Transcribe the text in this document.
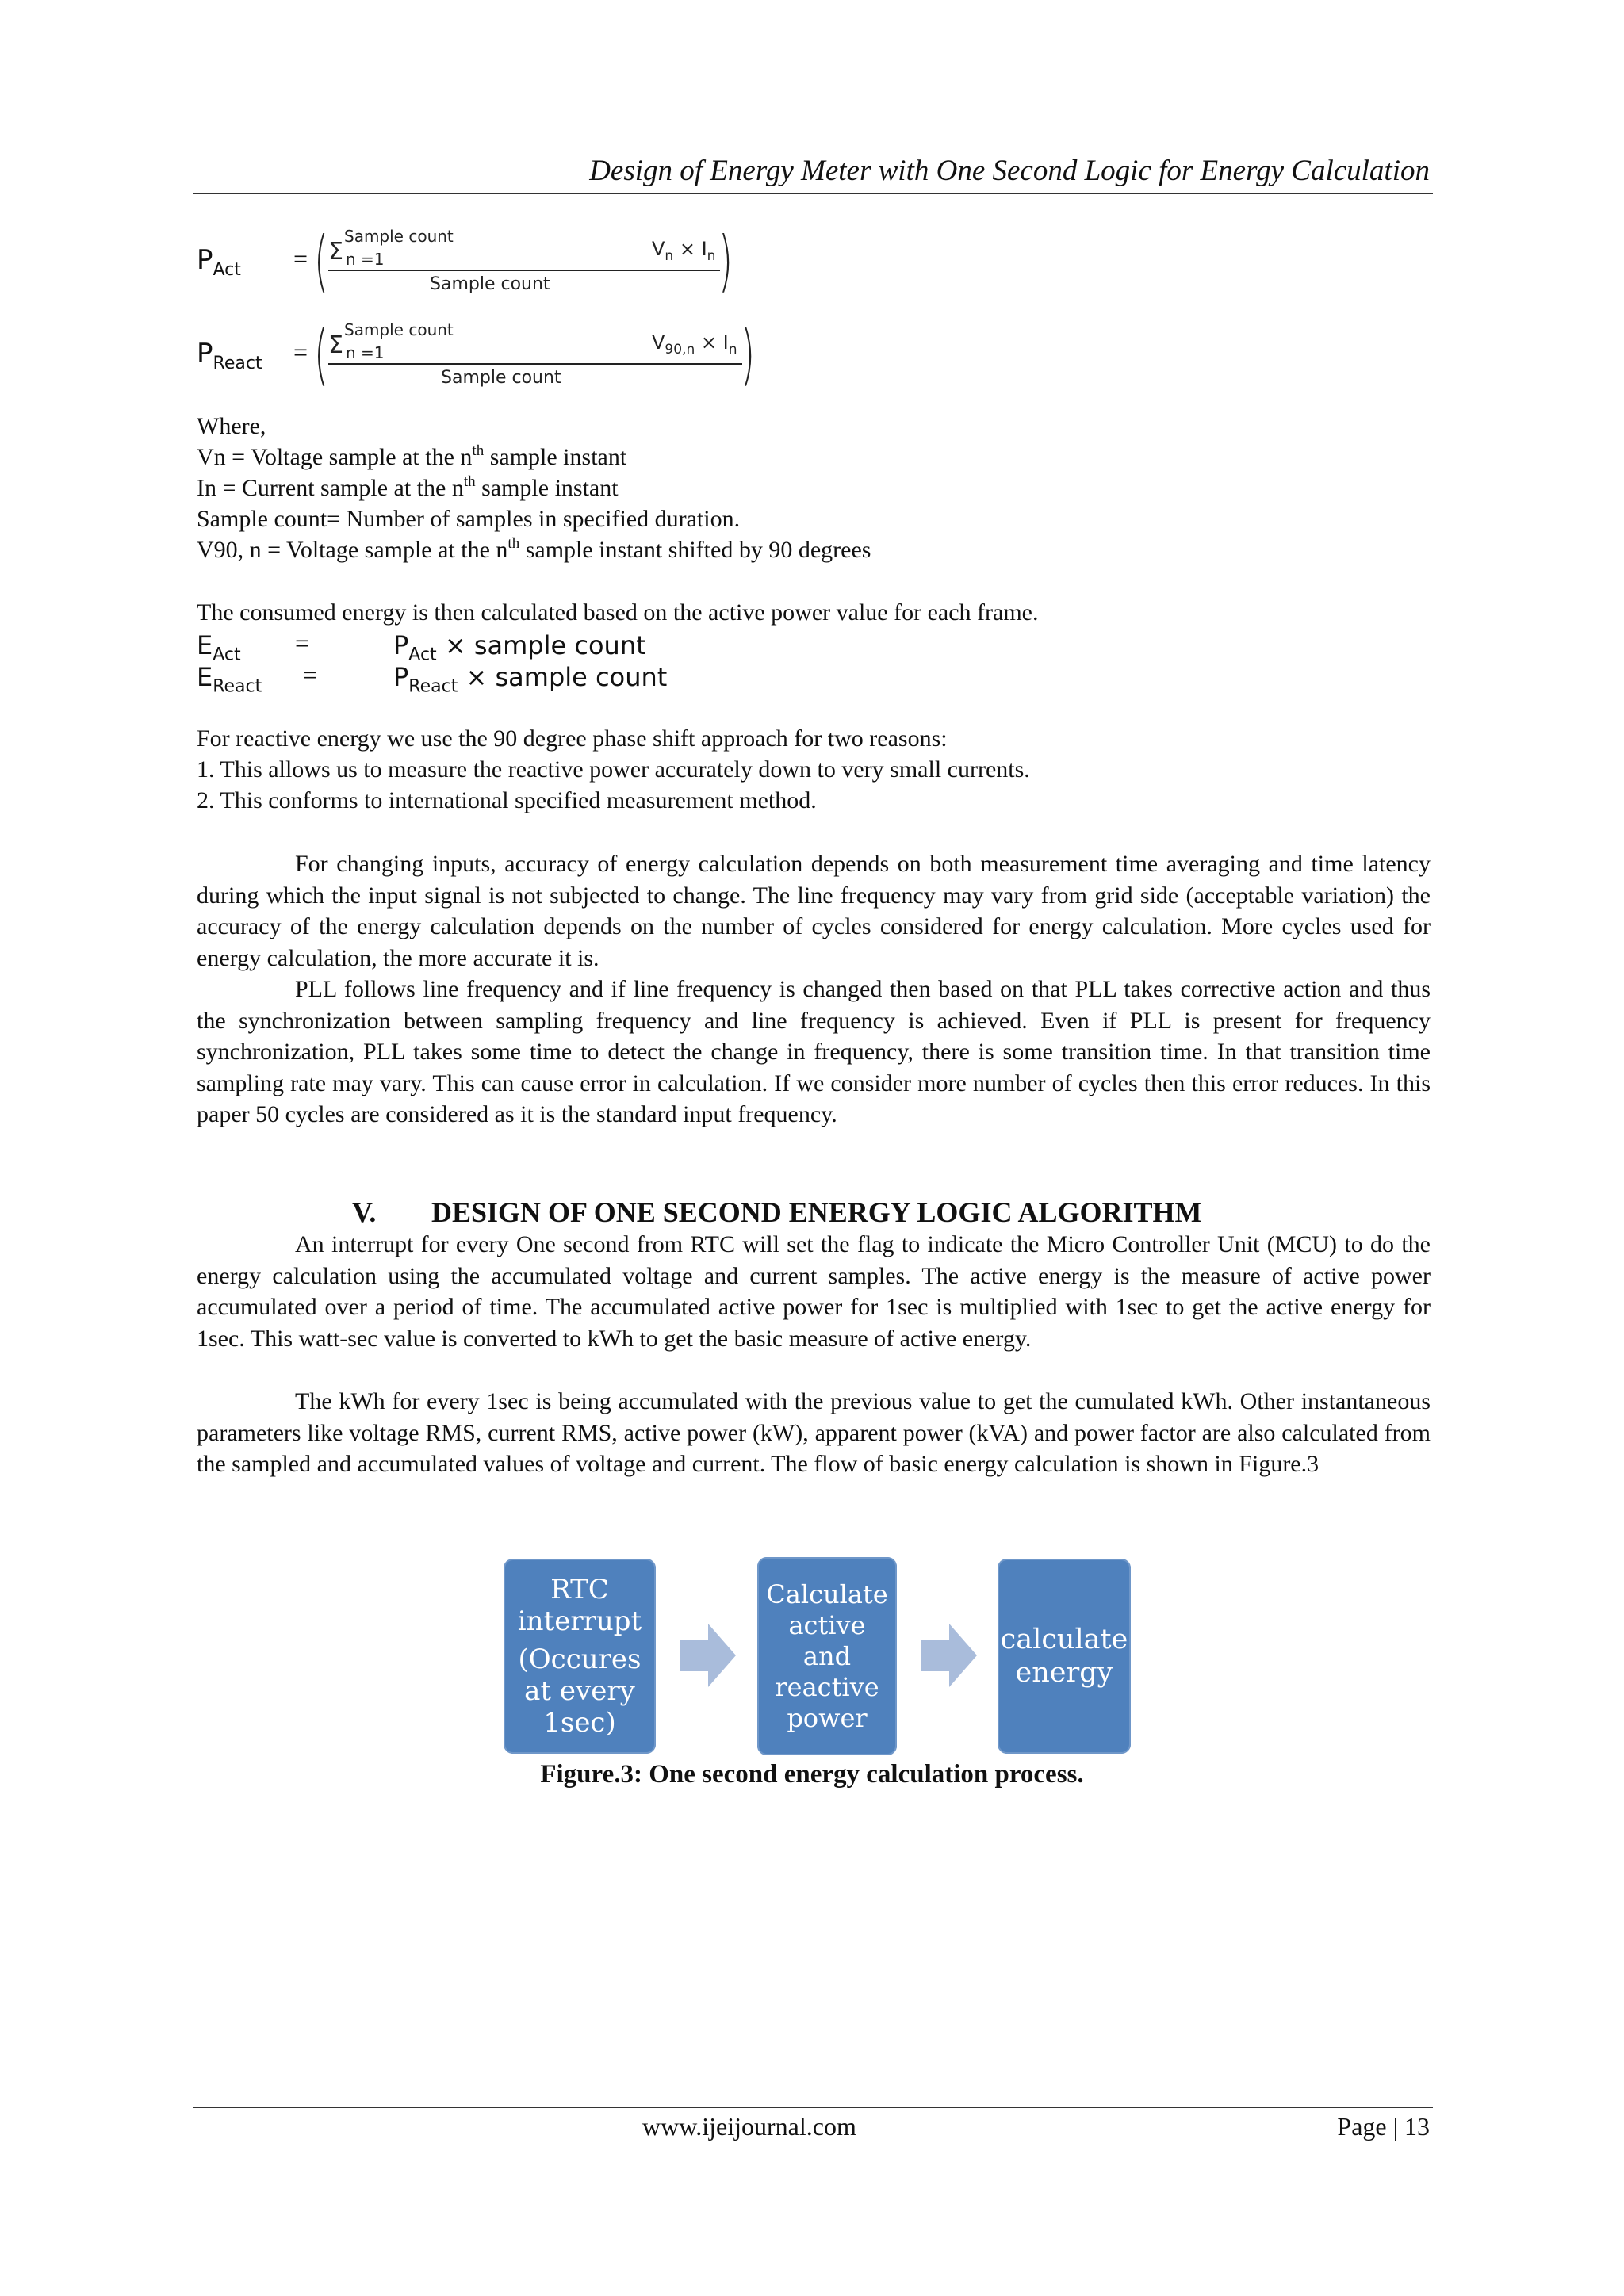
Design of Energy Meter with One Second Logic for Energy Calculation
$P_{Act}$ = ( Sample count
Σ n =1	$V_n \times I_n$
Sample count	)
$P_{React}$ = ( Sample count
Σ n =1	$V_{90,n} \times I_n$
Sample count	)
Where,
Vn = Voltage sample at the $n^{th}$ sample instant
In = Current sample at the $n^{th}$ sample instant
Sample count= Number of samples in specified duration.
V90, n = Voltage sample at the $n^{th}$ sample instant shifted by 90 degrees
The consumed energy is then calculated based on the active power value for each frame.
$E_{Act}$ =	$P_{Act}$ × sample count
$E_{React}$ =	$P_{React}$ × sample count
For reactive energy we use the 90 degree phase shift approach for two reasons:
1. This allows us to measure the reactive power accurately down to very small currents.
2. This conforms to international specified measurement method.
For changing inputs, accuracy of energy calculation depends on both measurement time averaging and time latency during which the input signal is not subjected to change. The line frequency may vary from grid side (acceptable variation) the accuracy of the energy calculation depends on the number of cycles considered for energy calculation. More cycles used for energy calculation, the more accurate it is.
PLL follows line frequency and if line frequency is changed then based on that PLL takes corrective action and thus the synchronization between sampling frequency and line frequency is achieved. Even if PLL is present for frequency synchronization, PLL takes some time to detect the change in frequency, there is some transition time. In that transition time sampling rate may vary. This can cause error in calculation. If we consider more number of cycles then this error reduces. In this paper 50 cycles are considered as it is the standard input frequency.
V. DESIGN OF ONE SECOND ENERGY LOGIC ALGORITHM
An interrupt for every One second from RTC will set the flag to indicate the Micro Controller Unit (MCU) to do the energy calculation using the accumulated voltage and current samples. The active energy is the measure of active power accumulated over a period of time. The accumulated active power for 1sec is multiplied with 1sec to get the active energy for 1sec. This watt-sec value is converted to kWh to get the basic measure of active energy.
The kWh for every 1sec is being accumulated with the previous value to get the cumulated kWh. Other instantaneous parameters like voltage RMS, current RMS, active power (kW), apparent power (kVA) and power factor are also calculated from the sampled and accumulated values of voltage and current. The flow of basic energy calculation is shown in Figure.3
RTC
interrupt
(Occures
at every
1sec)
Calculate
active
and
reactive
power
calculate
energy
Figure.3: One second energy calculation process.
www.ijeijournal.com	Page | 13
